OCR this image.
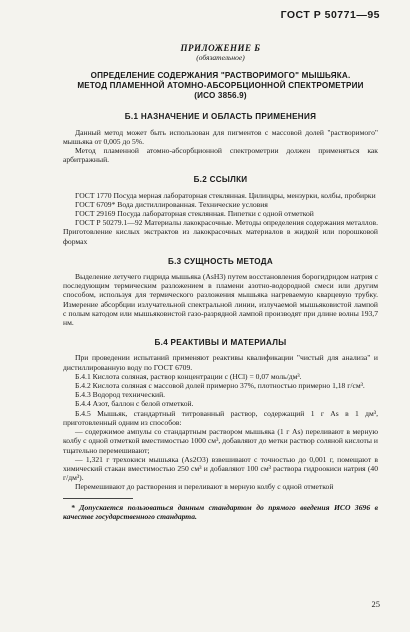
ГОСТ Р 50771—95
ПРИЛОЖЕНИЕ Б
(обязательное)
ОПРЕДЕЛЕНИЕ СОДЕРЖАНИЯ "РАСТВОРИМОГО" МЫШЬЯКА.
МЕТОД ПЛАМЕННОЙ АТОМНО-АБСОРБЦИОННОЙ СПЕКТРОМЕТРИИ
(ИСО 3856.9)
Б.1 НАЗНАЧЕНИЕ И ОБЛАСТЬ ПРИМЕНЕНИЯ

Данный метод может быть использован для пигментов с массовой долей "растворимого" мышьяка от 0,005 до 5%.

Метод пламенной атомно-абсорбционной спектрометрии должен применяться как арбитражный.

Б.2 ССЫЛКИ

ГОСТ 1770 Посуда мерная лабораторная стеклянная. Цилиндры, мензурки, колбы, пробирки

ГОСТ 6709* Вода дистиллированная. Технические условия

ГОСТ 29169 Посуда лабораторная стеклянная. Пипетки с одной отметкой

ГОСТ Р 50279.1—92 Материалы лакокрасочные. Методы определения содержания металлов. Приготовление кислых экстрактов из лакокрасочных материалов в жидкой или порошковой формах

Б.3 СУЩНОСТЬ МЕТОДА

Выделение летучего гидрида мышьяка (AsH3) путем восстановления борогидридом натрия с последующим термическим разложением в пламени азотно-водородной смеси или другим способом, используя для термического разложения мышьяка нагреваемую кварцевую трубку. Измерение абсорбции излучательной спектральной линии, излучаемой мышьяковистой лампой с полым катодом или мышьяковистой газо-разрядной лампой производят при длине волны 193,7 нм.

Б.4 РЕАКТИВЫ И МАТЕРИАЛЫ

При проведении испытаний применяют реактивы квалификации "чистый для анализа" и дистиллированную воду по ГОСТ 6709.

Б.4.1 Кислота соляная, раствор концентрации c (HCl) = 0,07 моль/дм³.

Б.4.2 Кислота соляная с массовой долей примерно 37%, плотностью примерно 1,18 г/см³.

Б.4.3 Водород технический.

Б.4.4 Азот, баллон с белой отметкой.

Б.4.5 Мышьяк, стандартный титрованный раствор, содержащий 1 г As в 1 дм³, приготовленный одним из способов:

— содержимое ампулы со стандартным раствором мышьяка (1 г As) переливают в мерную колбу с одной отметкой вместимостью 1000 см³, добавляют до метки раствор соляной кислоты и тщательно перемешивают;

— 1,321 г трехокиси мышьяка (As2O3) взвешивают с точностью до 0,001 г, помещают в химический стакан вместимостью 250 см³ и добавляют 100 см³ раствора гидроокиси натрия (40 г/дм³).

Перемешивают до растворения и переливают в мерную колбу с одной отметкой

* Допускается пользоваться данным стандартом до прямого введения ИСО 3696 в качестве государственного стандарта.

25
